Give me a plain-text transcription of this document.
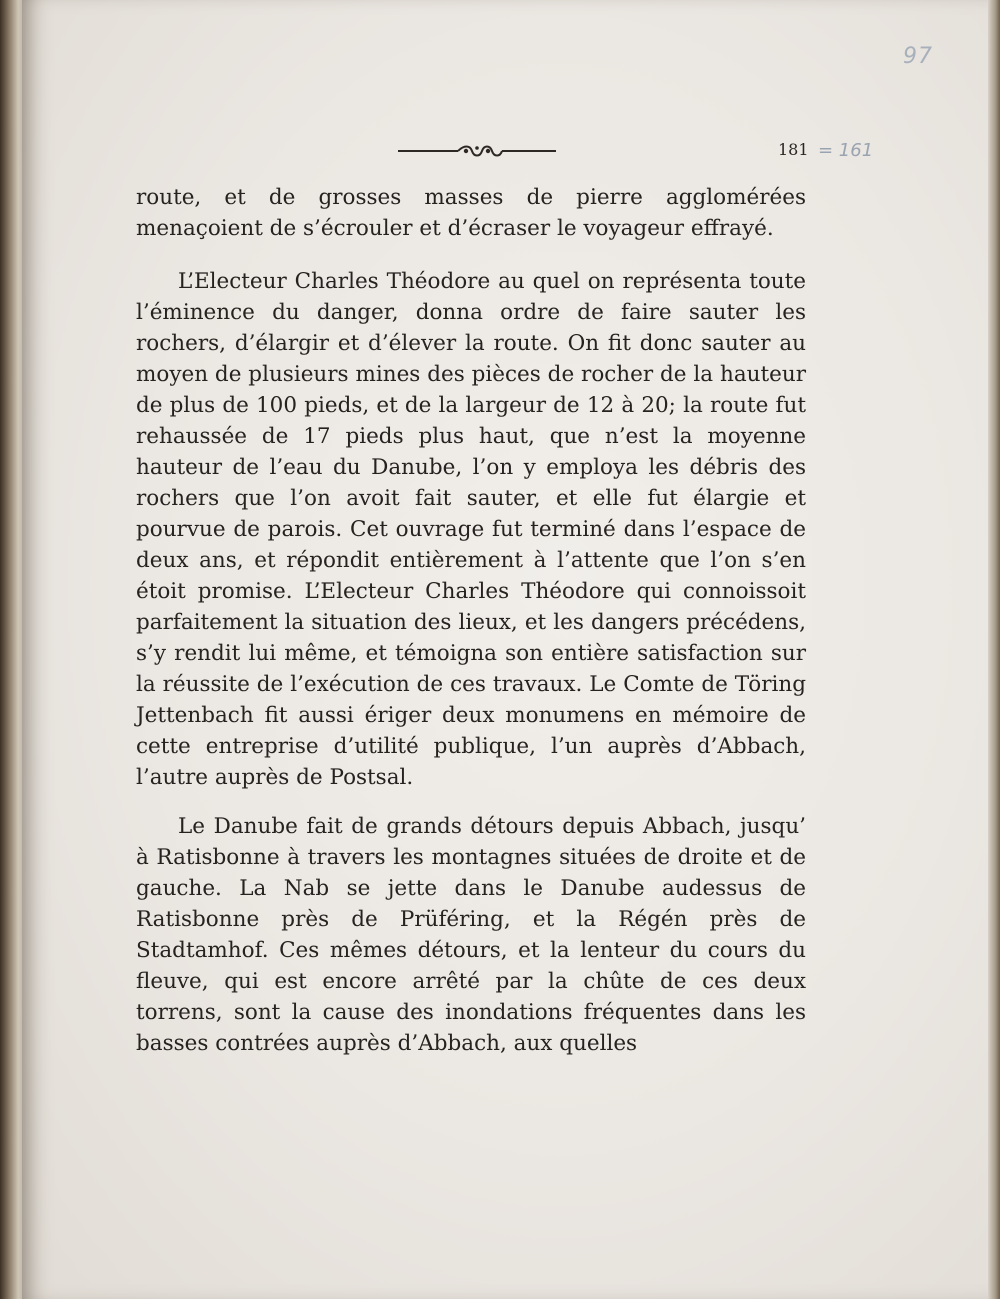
97
= 161
181

route, et de grosses masses de pierre agglomérées menaçoient de s’écrouler et d’écraser le voyageur effrayé.

L’Electeur Charles Théodore au quel on représenta toute l’éminence du danger, donna ordre de faire sauter les rochers, d’élargir et d’élever la route. On fit donc sauter au moyen de plusieurs mines des pièces de rocher de la hauteur de plus de 100 pieds, et de la largeur de 12 à 20; la route fut rehaussée de 17 pieds plus haut, que n’est la moyenne hauteur de l’eau du Danube, l’on y employa les débris des rochers que l’on avoit fait sauter, et elle fut élargie et pourvue de parois. Cet ouvrage fut terminé dans l’espace de deux ans, et répondit entièrement à l’attente que l’on s’en étoit promise. L’Electeur Charles Théodore qui connoissoit parfaitement la situation des lieux, et les dangers précédens, s’y rendit lui même, et témoigna son entière satisfaction sur la réussite de l’exécution de ces travaux. Le Comte de Töring Jettenbach fit aussi ériger deux monumens en mémoire de cette entreprise d’utilité publique, l’un auprès d’Abbach, l’autre auprès de Postsal.

Le Danube fait de grands détours depuis Abbach, jusqu’ à Ratisbonne à travers les montagnes situées de droite et de gauche. La Nab se jette dans le Danube audessus de Ratisbonne près de Prüféring, et la Régén près de Stadtamhof. Ces mêmes détours, et la lenteur du cours du fleuve, qui est encore arrêté par la chûte de ces deux torrens, sont la cause des inondations fréquentes dans les basses contrées auprès d’Abbach, aux quelles
